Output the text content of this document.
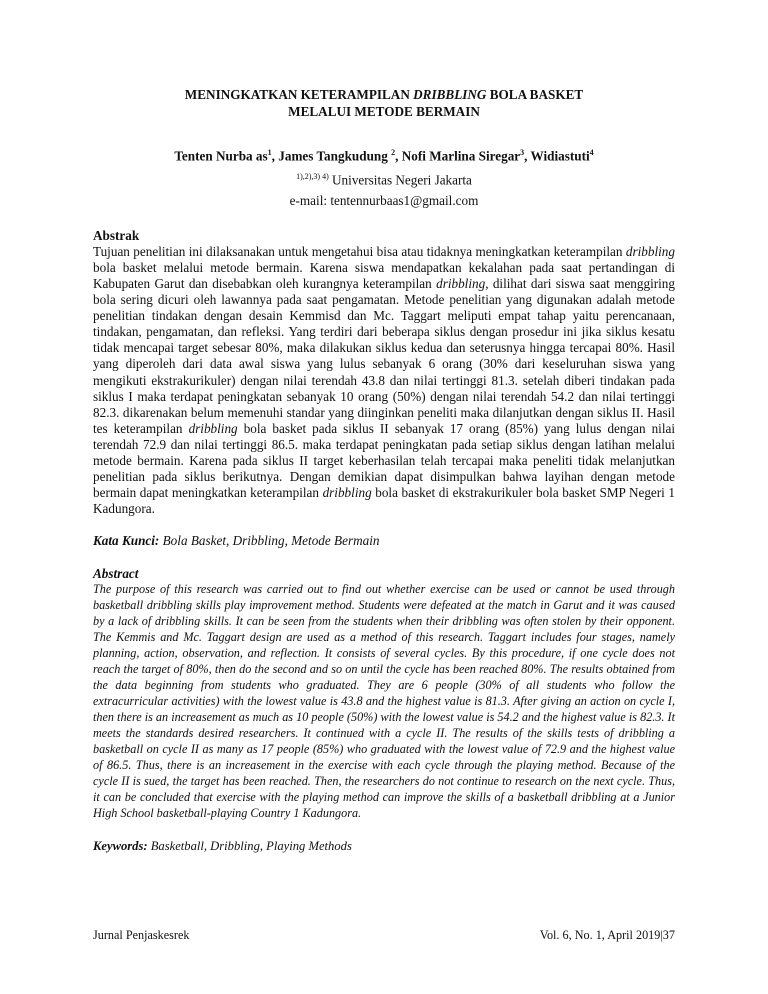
MENINGKATKAN KETERAMPILAN DRIBBLING BOLA BASKET
MELALUI METODE BERMAIN
Tenten Nurba $as^1$, James Tangkudung $^2$, Nofi Marlina Siregar$^3$, Widiastuti$^4$
$^{1),2),3) 4)}$ Universitas Negeri Jakarta
e-mail: tentennurbaas1@gmail.com
Abstrak
Tujuan penelitian ini dilaksanakan untuk mengetahui bisa atau tidaknya meningkatkan keterampilan dribbling bola basket melalui metode bermain. Karena siswa mendapatkan kekalahan pada saat pertandingan di Kabupaten Garut dan disebabkan oleh kurangnya keterampilan dribbling, dilihat dari siswa saat menggiring bola sering dicuri oleh lawannya pada saat pengamatan. Metode penelitian yang digunakan adalah metode penelitian tindakan dengan desain Kemmisd dan Mc. Taggart meliputi empat tahap yaitu perencanaan, tindakan, pengamatan, dan refleksi. Yang terdiri dari beberapa siklus dengan prosedur ini jika siklus kesatu tidak mencapai target sebesar 80%, maka dilakukan siklus kedua dan seterusnya hingga tercapai 80%. Hasil yang diperoleh dari data awal siswa yang lulus sebanyak 6 orang (30% dari keseluruhan siswa yang mengikuti ekstrakurikuler) dengan nilai terendah 43.8 dan nilai tertinggi 81.3. setelah diberi tindakan pada siklus I maka terdapat peningkatan sebanyak 10 orang (50%) dengan nilai terendah 54.2 dan nilai tertinggi 82.3. dikarenakan belum memenuhi standar yang diinginkan peneliti maka dilanjutkan dengan siklus II. Hasil tes keterampilan dribbling bola basket pada siklus II sebanyak 17 orang (85%) yang lulus dengan nilai terendah 72.9 dan nilai tertinggi 86.5. maka terdapat peningkatan pada setiap siklus dengan latihan melalui metode bermain. Karena pada siklus II target keberhasilan telah tercapai maka peneliti tidak melanjutkan penelitian pada siklus berikutnya. Dengan demikian dapat disimpulkan bahwa layihan dengan metode bermain dapat meningkatkan keterampilan dribbling bola basket di ekstrakurikuler bola basket SMP Negeri 1 Kadungora.
Kata Kunci: Bola Basket, Dribbling, Metode Bermain
Abstract
The purpose of this research was carried out to find out whether exercise can be used or cannot be used through basketball dribbling skills play improvement method. Students were defeated at the match in Garut and it was caused by a lack of dribbling skills. It can be seen from the students when their dribbling was often stolen by their opponent. The Kemmis and Mc. Taggart design are used as a method of this research. Taggart includes four stages, namely planning, action, observation, and reflection. It consists of several cycles. By this procedure, if one cycle does not reach the target of 80%, then do the second and so on until the cycle has been reached 80%. The results obtained from the data beginning from students who graduated. They are 6 people (30% of all students who follow the extracurricular activities) with the lowest value is 43.8 and the highest value is 81.3. After giving an action on cycle I, then there is an increasement as much as 10 people (50%) with the lowest value is 54.2 and the highest value is 82.3. It meets the standards desired researchers. It continued with a cycle II. The results of the skills tests of dribbling a basketball on cycle II as many as 17 people (85%) who graduated with the lowest value of 72.9 and the highest value of 86.5. Thus, there is an increasement in the exercise with each cycle through the playing method. Because of the cycle II is sued, the target has been reached. Then, the researchers do not continue to research on the next cycle. Thus, it can be concluded that exercise with the playing method can improve the skills of a basketball dribbling at a Junior High School basketball-playing Country 1 Kadungora.
Keywords: Basketball, Dribbling, Playing Methods
Jurnal Penjaskesrek	Vol. 6, No. 1, April 2019|37
